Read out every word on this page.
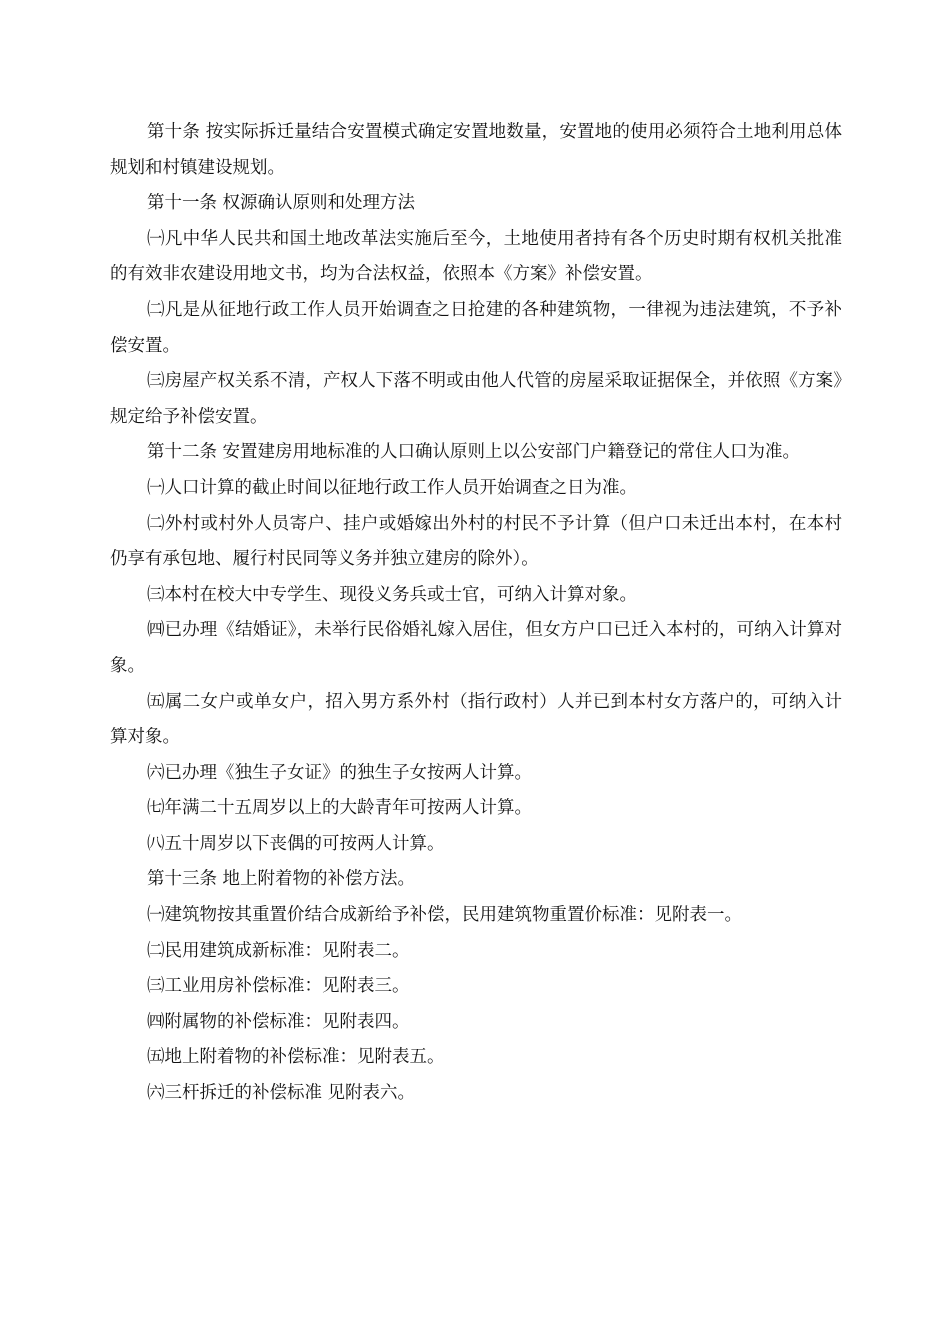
第十条 按实际拆迁量结合安置模式确定安置地数量，安置地的使用必须符合土地利用总体规划和村镇建设规划。

第十一条 权源确认原则和处理方法

㈠凡中华人民共和国土地改革法实施后至今，土地使用者持有各个历史时期有权机关批准的有效非农建设用地文书，均为合法权益，依照本《方案》补偿安置。

㈡凡是从征地行政工作人员开始调查之日抢建的各种建筑物，一律视为违法建筑，不予补偿安置。

㈢房屋产权关系不清，产权人下落不明或由他人代管的房屋采取证据保全，并依照《方案》规定给予补偿安置。

第十二条 安置建房用地标准的人口确认原则上以公安部门户籍登记的常住人口为准。

㈠人口计算的截止时间以征地行政工作人员开始调查之日为准。

㈡外村或村外人员寄户、挂户或婚嫁出外村的村民不予计算（但户口未迁出本村，在本村仍享有承包地、履行村民同等义务并独立建房的除外）。

㈢本村在校大中专学生、现役义务兵或士官，可纳入计算对象。

㈣已办理《结婚证》，未举行民俗婚礼嫁入居住，但女方户口已迁入本村的，可纳入计算对象。

㈤属二女户或单女户，招入男方系外村（指行政村）人并已到本村女方落户的，可纳入计算对象。

㈥已办理《独生子女证》的独生子女按两人计算。

㈦年满二十五周岁以上的大龄青年可按两人计算。

㈧五十周岁以下丧偶的可按两人计算。

第十三条 地上附着物的补偿方法。

㈠建筑物按其重置价结合成新给予补偿，民用建筑物重置价标准：见附表一。

㈡民用建筑成新标准：见附表二。

㈢工业用房补偿标准：见附表三。

㈣附属物的补偿标准：见附表四。

㈤地上附着物的补偿标准：见附表五。

㈥三杆拆迁的补偿标准 见附表六。
